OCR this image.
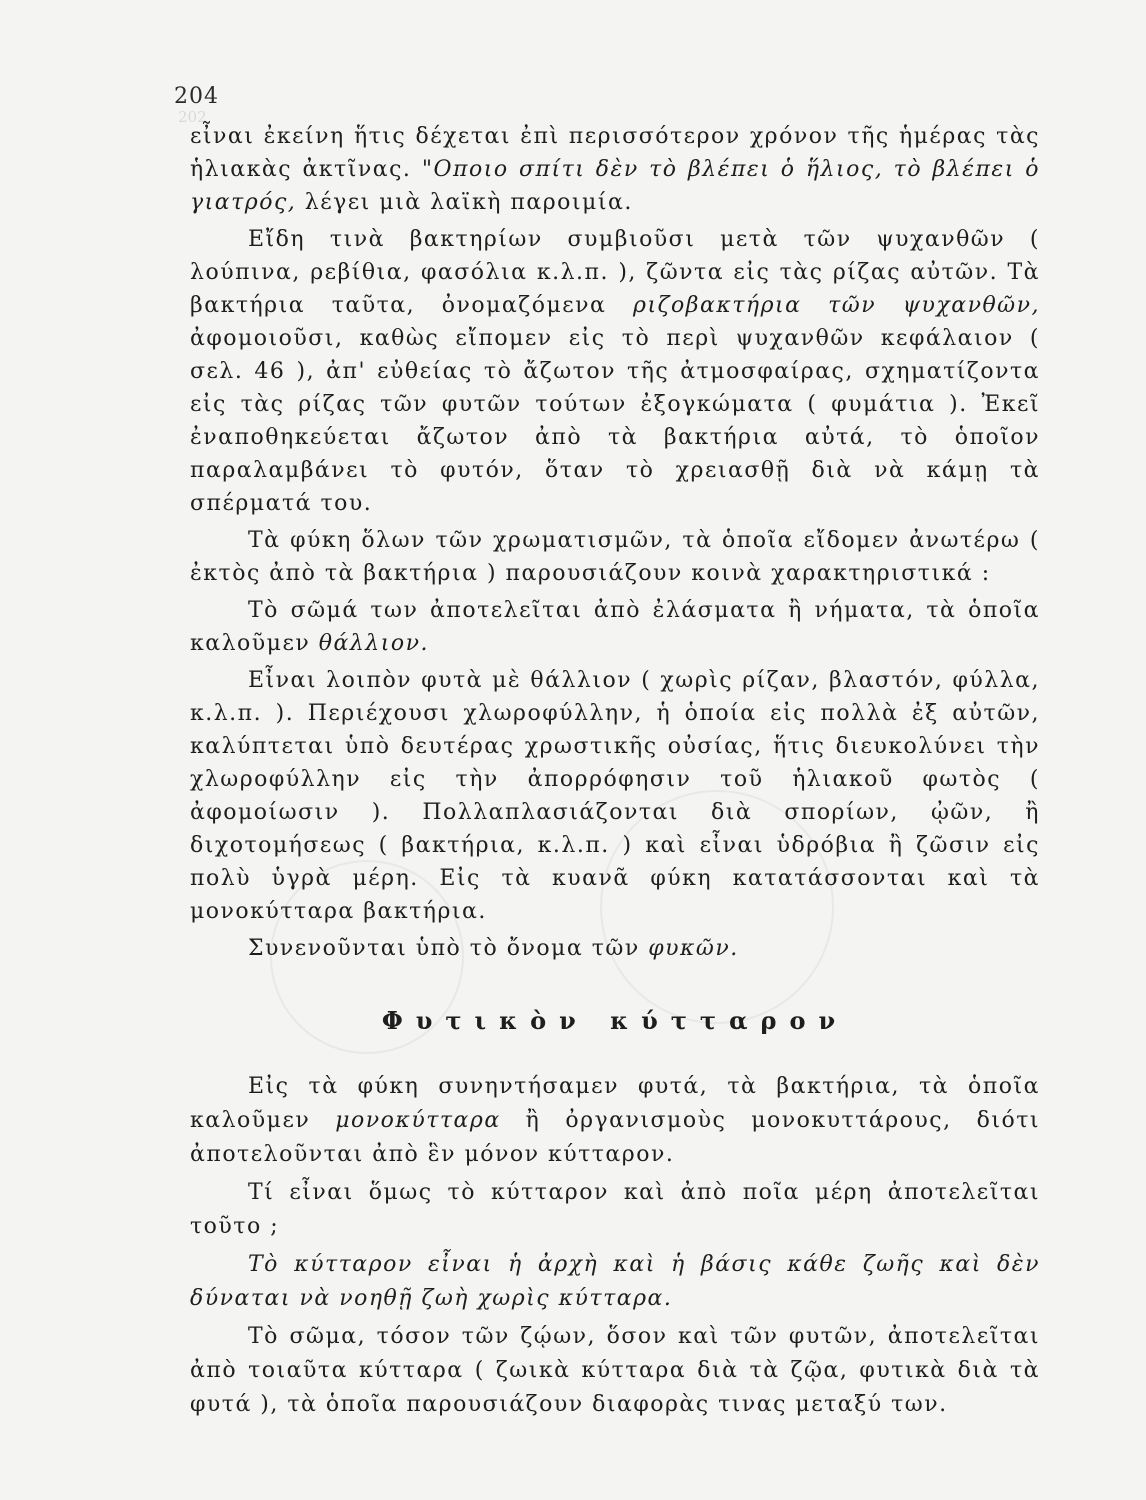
202
204

εἶναι ἐκείνη ἥτις δέχεται ἐπὶ περισσότερον χρόνον τῆς ἡμέρας τὰς ἡλιακὰς ἀκτῖνας. "Οποιο σπίτι δὲν τὸ βλέπει ὁ ἥλιος, τὸ βλέπει ὁ γιατρός, λέγει μιὰ λαϊκὴ παροιμία.

Εἴδη τινὰ βακτηρίων συμβιοῦσι μετὰ τῶν ψυχανθῶν ( λούπινα, ρεβίθια, φασόλια κ.λ.π. ), ζῶντα εἰς τὰς ρίζας αὐτῶν. Τὰ βακτήρια ταῦτα, ὀνομαζόμενα ριζοβακτήρια τῶν ψυχανθῶν, ἀφομοιοῦσι, καθὼς εἴπομεν εἰς τὸ περὶ ψυχανθῶν κεφάλαιον ( σελ. 46 ), ἀπ' εὐθείας τὸ ἄζωτον τῆς ἀτμοσφαίρας, σχηματίζοντα εἰς τὰς ρίζας τῶν φυτῶν τούτων ἐξογκώματα ( φυμάτια ). Ἐκεῖ ἐναποθηκεύεται ἄζωτον ἀπὸ τὰ βακτήρια αὐτά, τὸ ὁποῖον παραλαμβάνει τὸ φυτόν, ὅταν τὸ χρειασθῇ διὰ νὰ κάμῃ τὰ σπέρματά του.

Τὰ φύκη ὅλων τῶν χρωματισμῶν, τὰ ὁποῖα εἴδομεν ἀνωτέρω ( ἐκτὸς ἀπὸ τὰ βακτήρια ) παρουσιάζουν κοινὰ χαρακτηριστικά :

Τὸ σῶμά των ἀποτελεῖται ἀπὸ ἐλάσματα ἢ νήματα, τὰ ὁποῖα καλοῦμεν θάλλιον.

Εἶναι λοιπὸν φυτὰ μὲ θάλλιον ( χωρὶς ρίζαν, βλαστόν, φύλλα, κ.λ.π. ). Περιέχουσι χλωροφύλλην, ἡ ὁποία εἰς πολλὰ ἐξ αὐτῶν, καλύπτεται ὑπὸ δευτέρας χρωστικῆς οὐσίας, ἥτις διευκολύνει τὴν χλωροφύλλην εἰς τὴν ἀπορρόφησιν τοῦ ἡλιακοῦ φωτὸς ( ἀφομοίωσιν ). Πολλαπλασιάζονται διὰ σπορίων, ᾠῶν, ἢ διχοτομήσεως ( βακτήρια, κ.λ.π. ) καὶ εἶναι ὑδρόβια ἢ ζῶσιν εἰς πολὺ ὑγρὰ μέρη. Εἰς τὰ κυανᾶ φύκη κατατάσσονται καὶ τὰ μονοκύτταρα βακτήρια.

Συνενοῦνται ὑπὸ τὸ ὄνομα τῶν φυκῶν.

Φυτικὸν κύτταρον

Εἰς τὰ φύκη συνηντήσαμεν φυτά, τὰ βακτήρια, τὰ ὁποῖα καλοῦμεν μονοκύτταρα ἢ ὀργανισμοὺς μονοκυττάρους, διότι ἀποτελοῦνται ἀπὸ ἓν μόνον κύτταρον.

Τί εἶναι ὅμως τὸ κύτταρον καὶ ἀπὸ ποῖα μέρη ἀποτελεῖται τοῦτο ;

Τὸ κύτταρον εἶναι ἡ ἀρχὴ καὶ ἡ βάσις κάθε ζωῆς καὶ δὲν δύναται νὰ νοηθῇ ζωὴ χωρὶς κύτταρα.

Τὸ σῶμα, τόσον τῶν ζῴων, ὅσον καὶ τῶν φυτῶν, ἀποτελεῖται ἀπὸ τοιαῦτα κύτταρα ( ζωικὰ κύτταρα διὰ τὰ ζῷα, φυτικὰ διὰ τὰ φυτά ), τὰ ὁποῖα παρουσιάζουν διαφορὰς τινας μεταξύ των.
